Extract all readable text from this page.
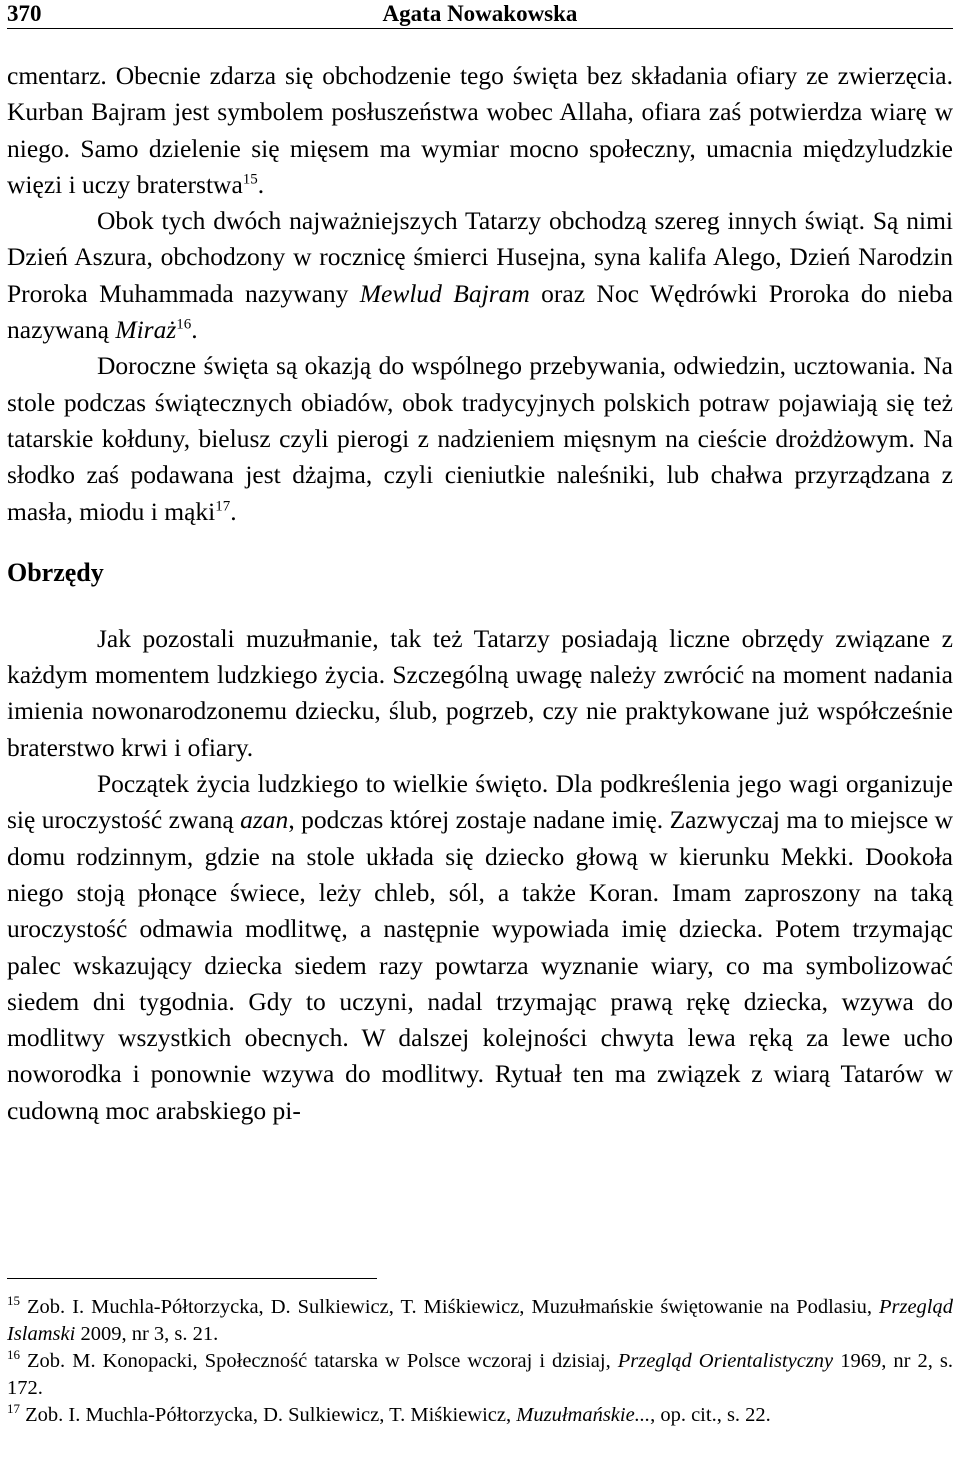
370	Agata Nowakowska

cmentarz. Obecnie zdarza się obchodzenie tego święta bez składania ofiary ze zwierzęcia. Kurban Bajram jest symbolem posłuszeństwa wobec Allaha, ofiara zaś potwierdza wiarę w niego. Samo dzielenie się mięsem ma wymiar mocno społeczny, umacnia międzyludzkie więzi i uczy braterstwa$^{15}$.

Obok tych dwóch najważniejszych Tatarzy obchodzą szereg innych świąt. Są nimi Dzień Aszura, obchodzony w rocznicę śmierci Husejna, syna kalifa Alego, Dzień Narodzin Proroka Muhammada nazywany Mewlud Bajram oraz Noc Wędrówki Proroka do nieba nazywaną Miraż$^{16}$.

Doroczne święta są okazją do wspólnego przebywania, odwiedzin, ucztowania. Na stole podczas świątecznych obiadów, obok tradycyjnych polskich potraw pojawiają się też tatarskie kołduny, bielusz czyli pierogi z nadzieniem mięsnym na cieście drożdżowym. Na słodko zaś podawana jest dżajma, czyli cieniutkie naleśniki, lub chałwa przyrządzana z masła, miodu i mąki$^{17}$.

Obrzędy

Jak pozostali muzułmanie, tak też Tatarzy posiadają liczne obrzędy związane z każdym momentem ludzkiego życia. Szczególną uwagę należy zwrócić na moment nadania imienia nowonarodzonemu dziecku, ślub, pogrzeb, czy nie praktykowane już współcześnie braterstwo krwi i ofiary.

Początek życia ludzkiego to wielkie święto. Dla podkreślenia jego wagi organizuje się uroczystość zwaną azan, podczas której zostaje nadane imię. Zazwyczaj ma to miejsce w domu rodzinnym, gdzie na stole układa się dziecko głową w kierunku Mekki. Dookoła niego stoją płonące świece, leży chleb, sól, a także Koran. Imam zaproszony na taką uroczystość odmawia modlitwę, a następnie wypowiada imię dziecka. Potem trzymając palec wskazujący dziecka siedem razy powtarza wyznanie wiary, co ma symbolizować siedem dni tygodnia. Gdy to uczyni, nadal trzymając prawą rękę dziecka, wzywa do modlitwy wszystkich obecnych. W dalszej kolejności chwyta lewa ręką za lewe ucho noworodka i ponownie wzywa do modlitwy. Rytuał ten ma związek z wiarą Tatarów w cudowną moc arabskiego pi-

$^{15}$ Zob. I. Muchla-Półtorzycka, D. Sulkiewicz, T. Miśkiewicz, Muzułmańskie świętowanie na Podlasiu, Przegląd Islamski 2009, nr 3, s. 21.

$^{16}$ Zob. M. Konopacki, Społeczność tatarska w Polsce wczoraj i dzisiaj, Przegląd Orientalistyczny 1969, nr 2, s. 172.

$^{17}$ Zob. I. Muchla-Półtorzycka, D. Sulkiewicz, T. Miśkiewicz, Muzułmańskie..., op. cit., s. 22.
